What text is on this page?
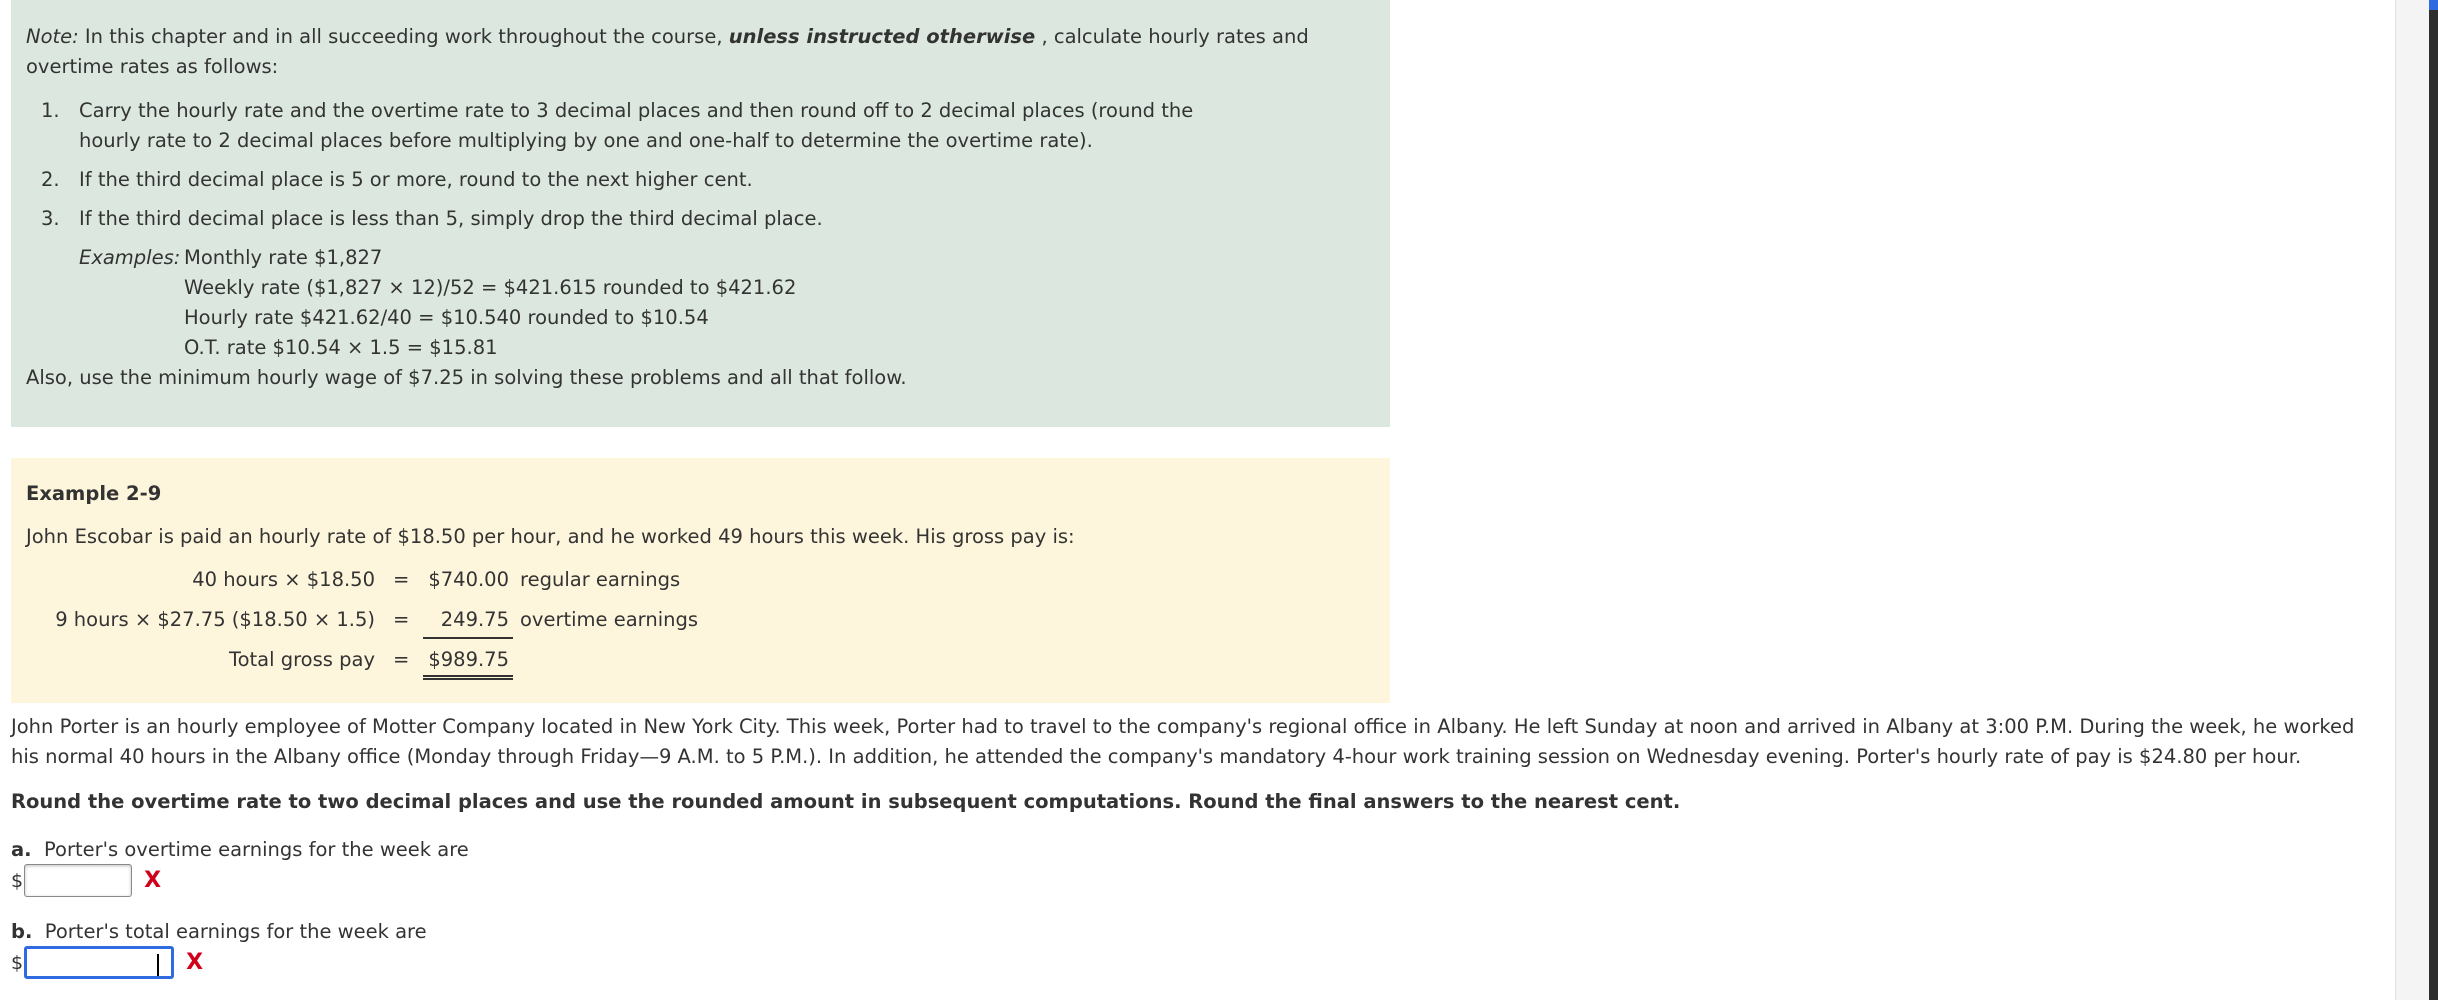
Note: In this chapter and in all succeeding work throughout the course, unless instructed otherwise , calculate hourly rates and overtime rates as follows:

1. Carry the hourly rate and the overtime rate to 3 decimal places and then round off to 2 decimal places (round the hourly rate to 2 decimal places before multiplying by one and one-half to determine the overtime rate).
2. If the third decimal place is 5 or more, round to the next higher cent.
3. If the third decimal place is less than 5, simply drop the third decimal place.
Examples: Monthly rate $1,827
Weekly rate ($1,827 × 12)/52 = $421.615 rounded to $421.62
Hourly rate $421.62/40 = $10.540 rounded to $10.54
O.T. rate $10.54 × 1.5 = $15.81

Also, use the minimum hourly wage of $7.25 in solving these problems and all that follow.

Example 2-9

John Escobar is paid an hourly rate of $18.50 per hour, and he worked 49 hours this week. His gross pay is:

40 hours × $18.50 = $740.00 regular earnings
9 hours × $27.75 ($18.50 × 1.5) =	249.75 overtime earnings
Total gross pay = $989.75
John Porter is an hourly employee of Motter Company located in New York City. This week, Porter had to travel to the company's regional office in Albany. He left Sunday at noon and arrived in Albany at 3:00 P.M. During the week, he worked his normal 40 hours in the Albany office (Monday through Friday—9 A.M. to 5 P.M.). In addition, he attended the company's mandatory 4-hour work training session on Wednesday evening. Porter's hourly rate of pay is $24.80 per hour.
Round the overtime rate to two decimal places and use the rounded amount in subsequent computations. Round the final answers to the nearest cent.
a. Porter's overtime earnings for the week are
$	X
b. Porter's total earnings for the week are
$	X
